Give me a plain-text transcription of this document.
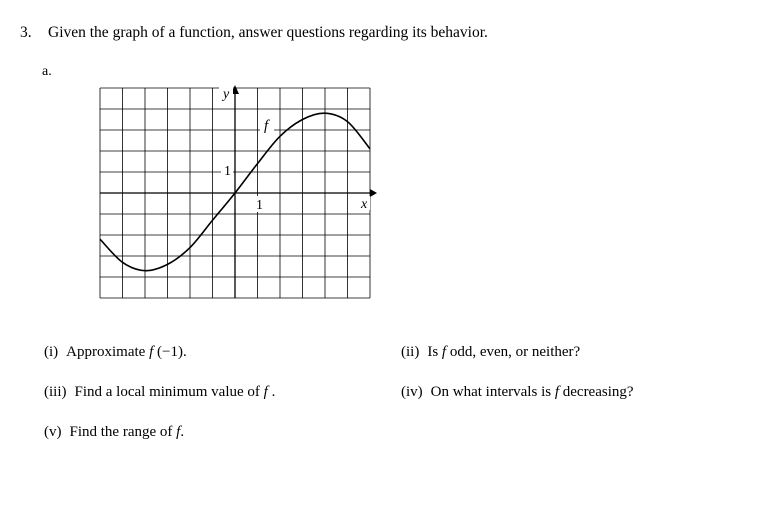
3. Given the graph of a function, answer questions regarding its behavior.
a.
y
x
1
1
f
(i) Approximate f (−1).	(ii) Is f odd, even, or neither?
(iii) Find a local minimum value of f .	(iv) On what intervals is f decreasing?
(v) Find the range of f.
